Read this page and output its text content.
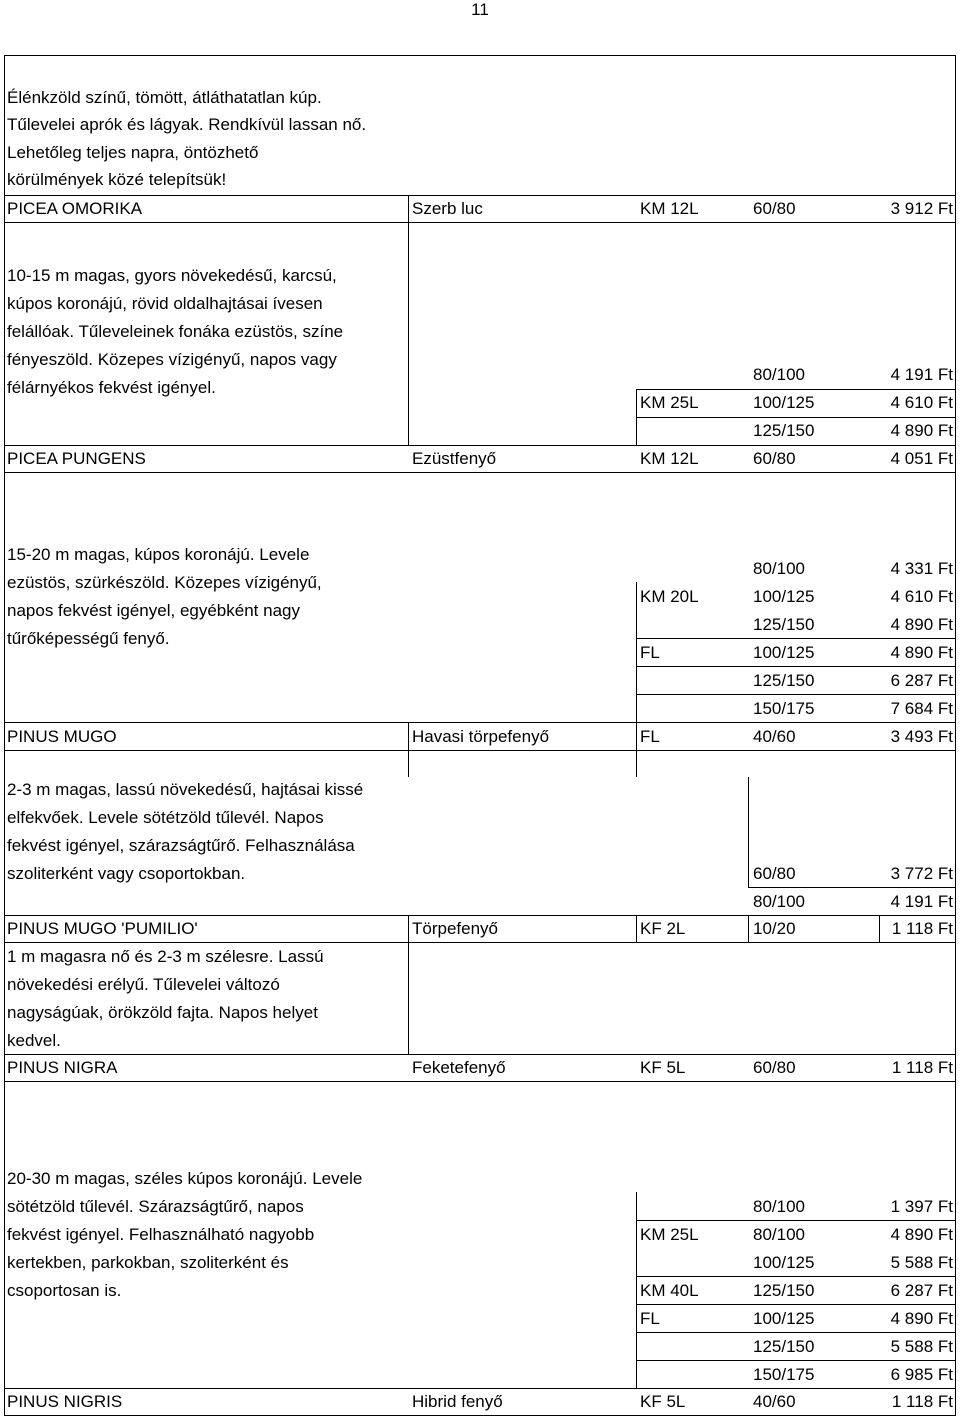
11
Élénkzöld színű, tömött, átláthatatlan kúp.
Tűlevelei aprók és lágyak. Rendkívül lassan nő.
Lehetőleg teljes napra, öntözhető
körülmények közé telepítsük!
PICEA OMORIKA	Szerb luc	KM 12L	60/80	3 912 Ft
10-15 m magas, gyors növekedésű, karcsú,
kúpos koronájú, rövid oldalhajtásai ívesen
felállóak. Tűleveleinek fonáka ezüstös, színe
fényeszöld. Közepes vízigényű, napos vagy
félárnyékos fekvést igényel.
80/100	4 191 Ft
KM 25L	100/125	4 610 Ft
125/150	4 890 Ft
PICEA PUNGENS	Ezüstfenyő	KM 12L	60/80	4 051 Ft
15-20 m magas, kúpos koronájú. Levele
ezüstös, szürkészöld. Közepes vízigényű,
napos fekvést igényel, egyébként nagy
tűrőképességű fenyő.
80/100	4 331 Ft
KM 20L	100/125	4 610 Ft
125/150	4 890 Ft
FL	100/125	4 890 Ft
125/150	6 287 Ft
150/175	7 684 Ft
PINUS MUGO	Havasi törpefenyő	FL	40/60	3 493 Ft
2-3 m magas, lassú növekedésű, hajtásai kissé
elfekvőek. Levele sötétzöld tűlevél. Napos
fekvést igényel, szárazságtűrő. Felhasználása
szoliterként vagy csoportokban.	60/80	3 772 Ft
80/100	4 191 Ft
PINUS MUGO 'PUMILIO'	Törpefenyő	KF 2L	10/20	1 118 Ft
1 m magasra nő és 2-3 m szélesre. Lassú
növekedési erélyű. Tűlevelei változó
nagyságúak, örökzöld fajta. Napos helyet
kedvel.
PINUS NIGRA	Feketefenyő	KF 5L	60/80	1 118 Ft
20-30 m magas, széles kúpos koronájú. Levele
sötétzöld tűlevél. Szárazságtűrő, napos
fekvést igényel. Felhasználható nagyobb
kertekben, parkokban, szoliterként és
csoportosan is.
80/100	1 397 Ft
KM 25L	80/100	4 890 Ft
100/125	5 588 Ft
KM 40L	125/150	6 287 Ft
FL	100/125	4 890 Ft
125/150	5 588 Ft
150/175	6 985 Ft
PINUS NIGRIS	Hibrid fenyő	KF 5L	40/60	1 118 Ft
